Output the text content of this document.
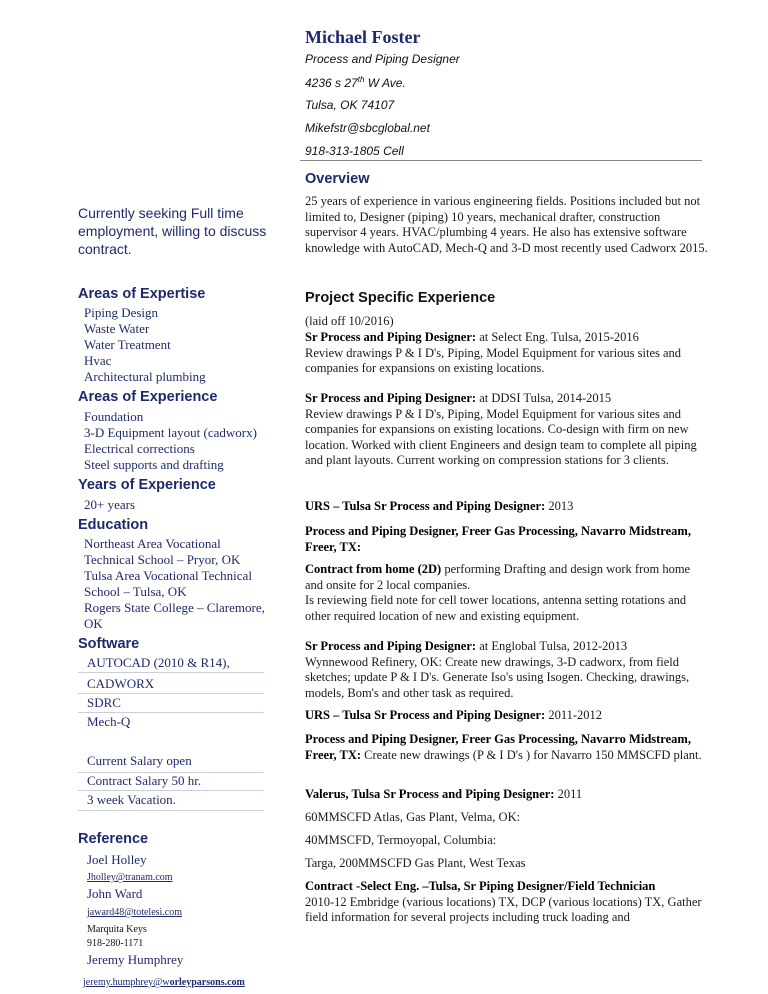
Michael Foster
Process and Piping Designer
4236 s 27th W Ave.
Tulsa, OK 74107
Mikefstr@sbcglobal.net
918-313-1805 Cell
Currently seeking Full time employment, willing to discuss contract.
Areas of Expertise
Piping Design
Waste Water
Water Treatment
Hvac
Architectural plumbing
Areas of Experience
Foundation
3-D Equipment layout (cadworx)
Electrical corrections
Steel supports and drafting
Years of Experience
20+ years
Education
Northeast Area Vocational
Technical School – Pryor, OK
Tulsa Area Vocational Technical
School – Tulsa, OK
Rogers State College – Claremore,
OK
Software
AUTOCAD (2010 & R14),
CADWORX
SDRC
Mech-Q
Current Salary open
Contract Salary 50 hr.
3 week Vacation.
Reference
Joel Holley
Jholley@tranam.com
John Ward
jaward48@totelesi.com
Marquita Keys
918-280-1171
Jeremy Humphrey
jeremy.humphrey@worleyparsons.com
Overview
25 years of experience in various engineering fields. Positions included but not limited to, Designer (piping) 10 years, mechanical drafter, construction supervisor 4 years. HVAC/plumbing 4 years. He also has extensive software knowledge with AutoCAD, Mech-Q and 3-D most recently used Cadworx 2015.
Project Specific Experience
(laid off 10/2016)
Sr Process and Piping Designer: at Select Eng. Tulsa, 2015-2016
Review drawings P & I D's, Piping, Model Equipment for various sites and companies for expansions on existing locations.
Sr Process and Piping Designer: at DDSI Tulsa, 2014-2015
Review drawings P & I D's, Piping, Model Equipment for various sites and companies for expansions on existing locations. Co-design with firm on new location. Worked with client Engineers and design team to complete all piping and plant layouts. Current working on compression stations for 3 clients.
URS – Tulsa Sr Process and Piping Designer: 2013
Process and Piping Designer, Freer Gas Processing, Navarro Midstream, Freer, TX:
Contract from home (2D) performing Drafting and design work from home and onsite for 2 local companies.
Is reviewing field note for cell tower locations, antenna setting rotations and other required location of new and existing equipment.
Sr Process and Piping Designer: at Englobal Tulsa, 2012-2013
Wynnewood Refinery, OK: Create new drawings, 3-D cadworx, from field sketches; update P & I D's. Generate Iso's using Isogen. Checking, drawings, models, Bom's and other task as required.
URS – Tulsa Sr Process and Piping Designer: 2011-2012
Process and Piping Designer, Freer Gas Processing, Navarro Midstream, Freer, TX: Create new drawings (P & I D's ) for Navarro 150 MMSCFD plant.
Valerus, Tulsa Sr Process and Piping Designer: 2011
60MMSCFD Atlas, Gas Plant, Velma, OK:
40MMSCFD, Termoyopal, Columbia:
Targa, 200MMSCFD Gas Plant, West Texas
Contract -Select Eng. –Tulsa, Sr Piping Designer/Field Technician
2010-12 Embridge (various locations) TX, DCP (various locations) TX, Gather field information for several projects including truck loading and
